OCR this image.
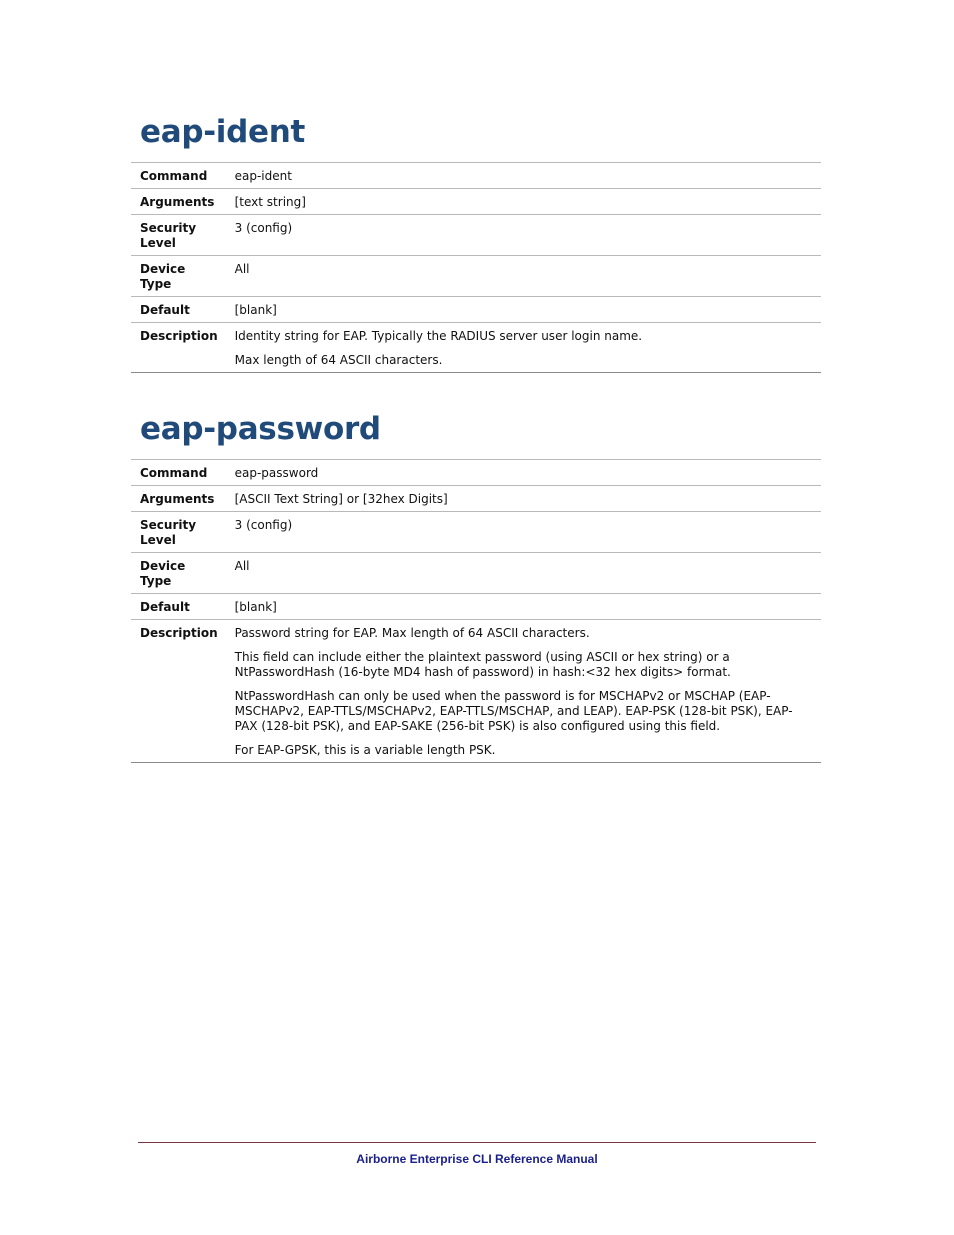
eap-ident
Command	eap-ident

Arguments	[text string]

Security Level	3 (config)

Device Type	All

Default	[blank]

Description	Identity string for EAP. Typically the RADIUS server user login name.

Max length of 64 ASCII characters.

eap-password
Command	eap-password

Arguments	[ASCII Text String] or [32hex Digits]

Security Level	3 (config)

Device Type	All

Default	[blank]

Description	Password string for EAP. Max length of 64 ASCII characters.

This field can include either the plaintext password (using ASCII or hex string) or a NtPasswordHash (16-byte MD4 hash of password) in hash:<32 hex digits> format.

NtPasswordHash can only be used when the password is for MSCHAPv2 or MSCHAP (EAP-MSCHAPv2, EAP-TTLS/MSCHAPv2, EAP-TTLS/MSCHAP, and LEAP). EAP-PSK (128-bit PSK), EAP-PAX (128-bit PSK), and EAP-SAKE (256-bit PSK) is also configured using this field.

For EAP-GPSK, this is a variable length PSK.

Airborne Enterprise CLI Reference Manual
